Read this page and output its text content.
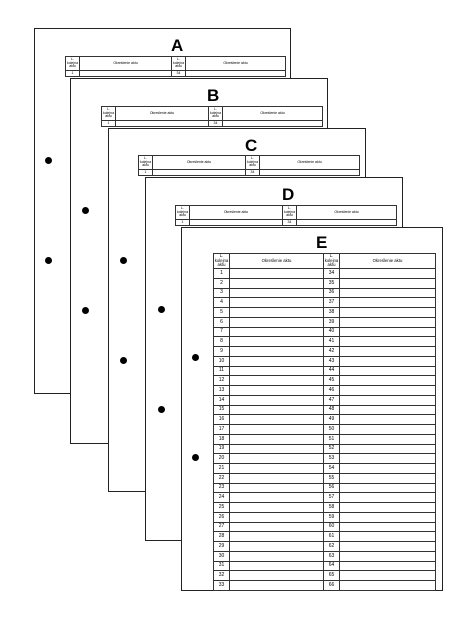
A
L. kolejna aktu	Określenie aktu	L. kolejna aktu	Określenie aktu
1		34	
B
L. kolejna aktu	Określenie aktu	L. kolejna aktu	Określenie aktu
1		34	
C
L. kolejna aktu	Określenie aktu	L. kolejna aktu	Określenie aktu
1		34	
D
L. kolejna aktu	Określenie aktu	L. kolejna aktu	Określenie aktu
1		34	
E
L. kolejna aktu	Określenie aktu	L. kolejna aktu	Określenie aktu
1		34	
2		35	
3		36	
4		37	
5		38	
6		39	
7		40	
8		41	
9		42	
10		43	
11		44	
12		45	
13		46	
14		47	
15		48	
16		49	
17		50	
18		51	
19		52	
20		53	
21		54	
22		55	
23		56	
24		57	
25		58	
26		59	
27		60	
28		61	
29		62	
30		63	
31		64	
32		65	
33		66	
